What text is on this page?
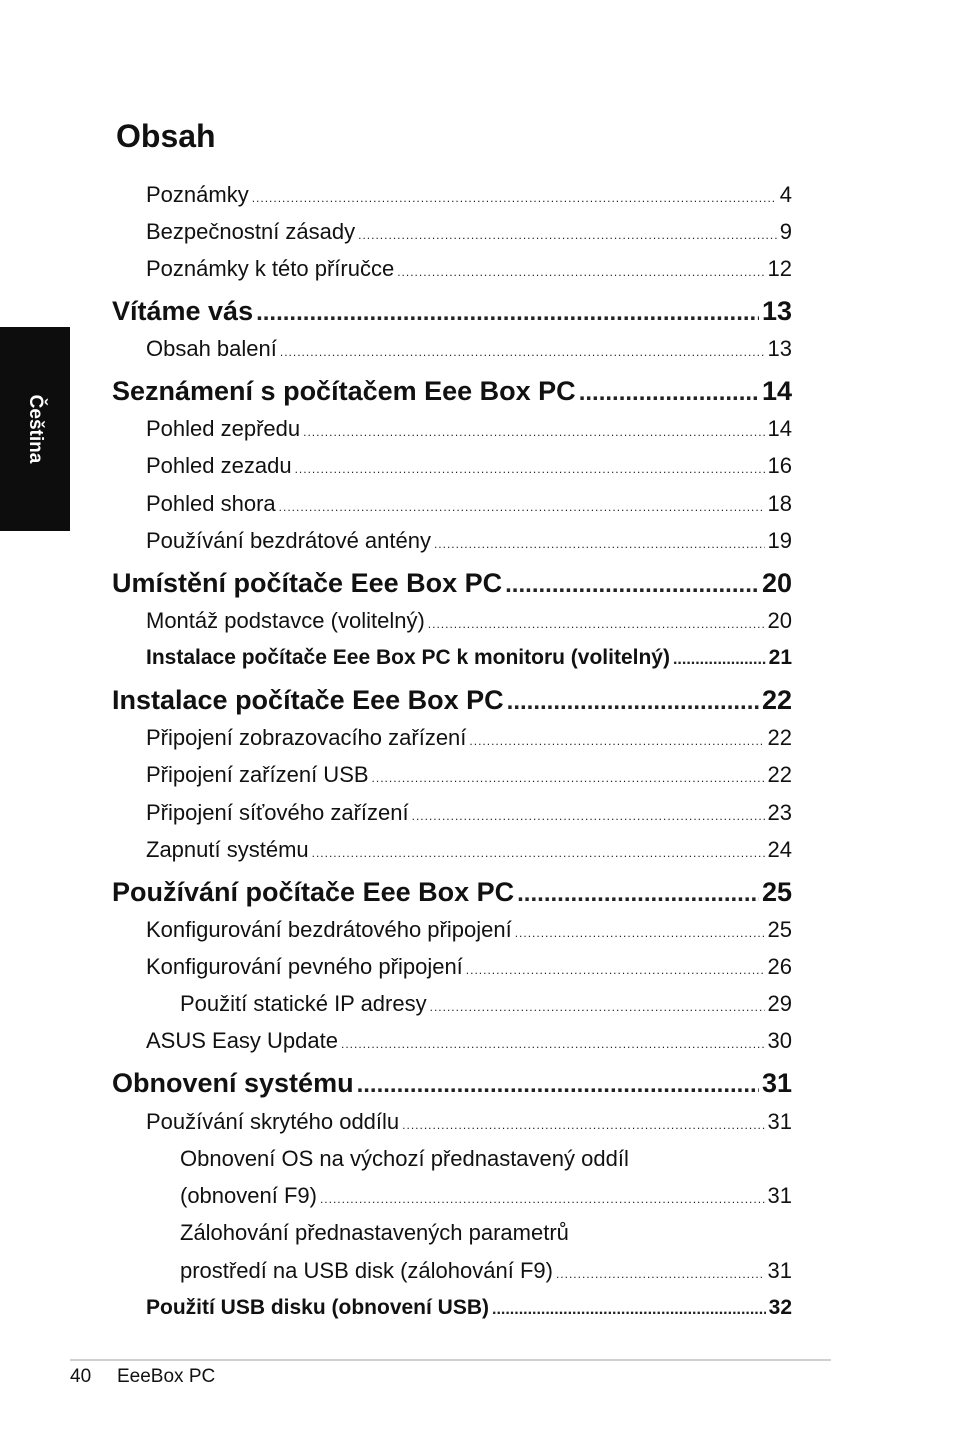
Čeština
Obsah
Poznámky .....	4
Bezpečnostní zásady .....	9
Poznámky k této příručce .....	12
Vítáme vás .....	13
Obsah balení .....	13
Seznámení s počítačem Eee Box PC .....	14
Pohled zepředu .....	14
Pohled zezadu .....	16
Pohled shora .....	18
Používání bezdrátové antény .....	19
Umístění počítače Eee Box PC .....	20
Montáž podstavce (volitelný) .....	20
Instalace počítače Eee Box PC k monitoru (volitelný) .....	21
Instalace počítače Eee Box PC .....	22
Připojení zobrazovacího zařízení .....	22
Připojení zařízení USB .....	22
Připojení síťového zařízení .....	23
Zapnutí systému .....	24
Používání počítače Eee Box PC .....	25
Konfigurování bezdrátového připojení .....	25
Konfigurování pevného připojení .....	26
Použití statické IP adresy .....	29
ASUS Easy Update .....	30
Obnovení systému .....	31
Používání skrytého oddílu .....	31
Obnovení OS na výchozí přednastavený oddíl
(obnovení F9) .....	31
Zálohování přednastavených parametrů
prostředí na USB disk (zálohování F9) .....	31
Použití USB disku (obnovení USB) .....	32
40 EeeBox PC
